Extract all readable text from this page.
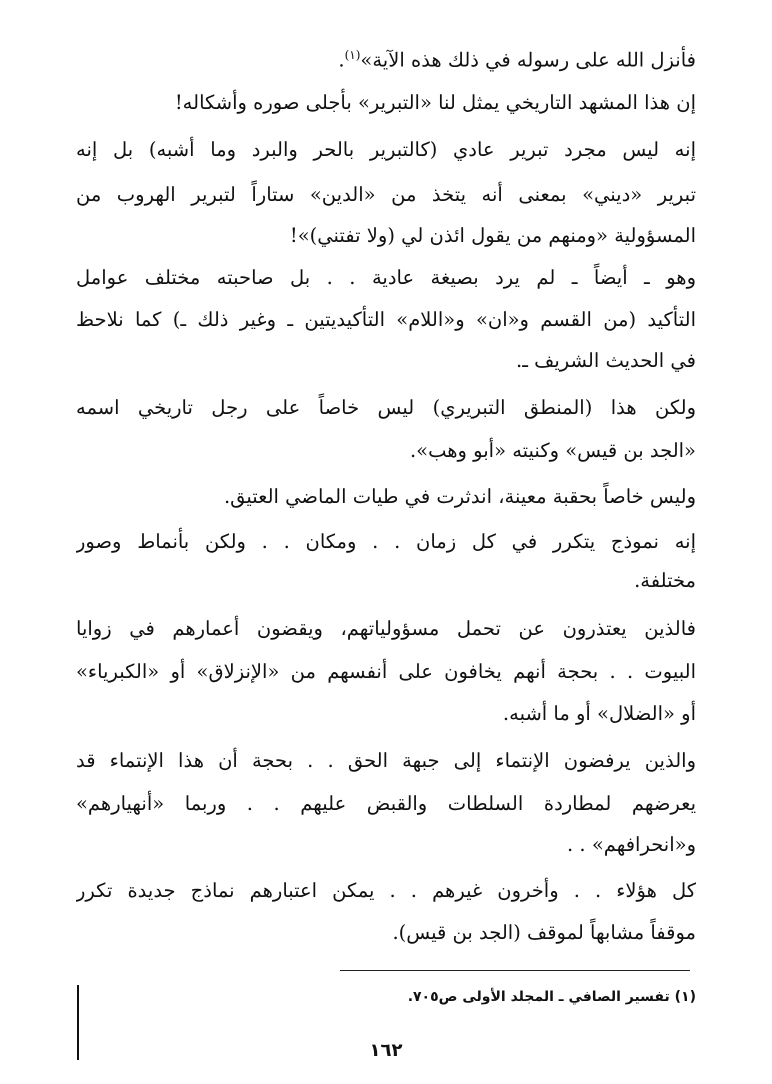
فأنزل الله على رسوله في ذلك هذه الآية»$^{(١)}$.
إن هذا المشهد التاريخي يمثل لنا «التبرير» بأجلى صوره وأشكاله!
إنه ليس مجرد تبرير عادي (كالتبرير بالحر والبرد وما أشبه) بل إنه
تبرير «ديني» بمعنى أنه يتخذ من «الدين» ستاراً لتبرير الهروب من
المسؤولية «ومنهم من يقول ائذن لي (ولا تفتني)»!
وهو ـ أيضاً ـ لم يرد بصيغة عادية . . بل صاحبته مختلف عوامل
التأكيد (من القسم و«ان» و«اللام» التأكيديتين ـ وغير ذلك ـ) كما نلاحظ
في الحديث الشريف ـ.
ولكن هذا (المنطق التبريري) ليس خاصاً على رجل تاريخي اسمه
«الجد بن قيس» وكنيته «أبو وهب».
وليس خاصاً بحقبة معينة، اندثرت في طيات الماضي العتيق.
إنه نموذج يتكرر في كل زمان . . ومكان . . ولكن بأنماط وصور
مختلفة.
فالذين يعتذرون عن تحمل مسؤولياتهم، ويقضون أعمارهم في زوايا
البيوت . . بحجة أنهم يخافون على أنفسهم من «الإنزلاق» أو «الكبرياء»
أو «الضلال» أو ما أشبه.
والذين يرفضون الإنتماء إلى جبهة الحق . . بحجة أن هذا الإنتماء قد
يعرضهم لمطاردة السلطات والقبض عليهم . . وربما «أنهيارهم»
و«انحرافهم» . .
كل هؤلاء . . وأخرون غيرهم . . يمكن اعتبارهم نماذج جديدة تكرر
موقفاً مشابهاً لموقف (الجد بن قيس).
(١) تفسير الصافي ـ المجلد الأولى ص٧٠٥.
١٦٢
